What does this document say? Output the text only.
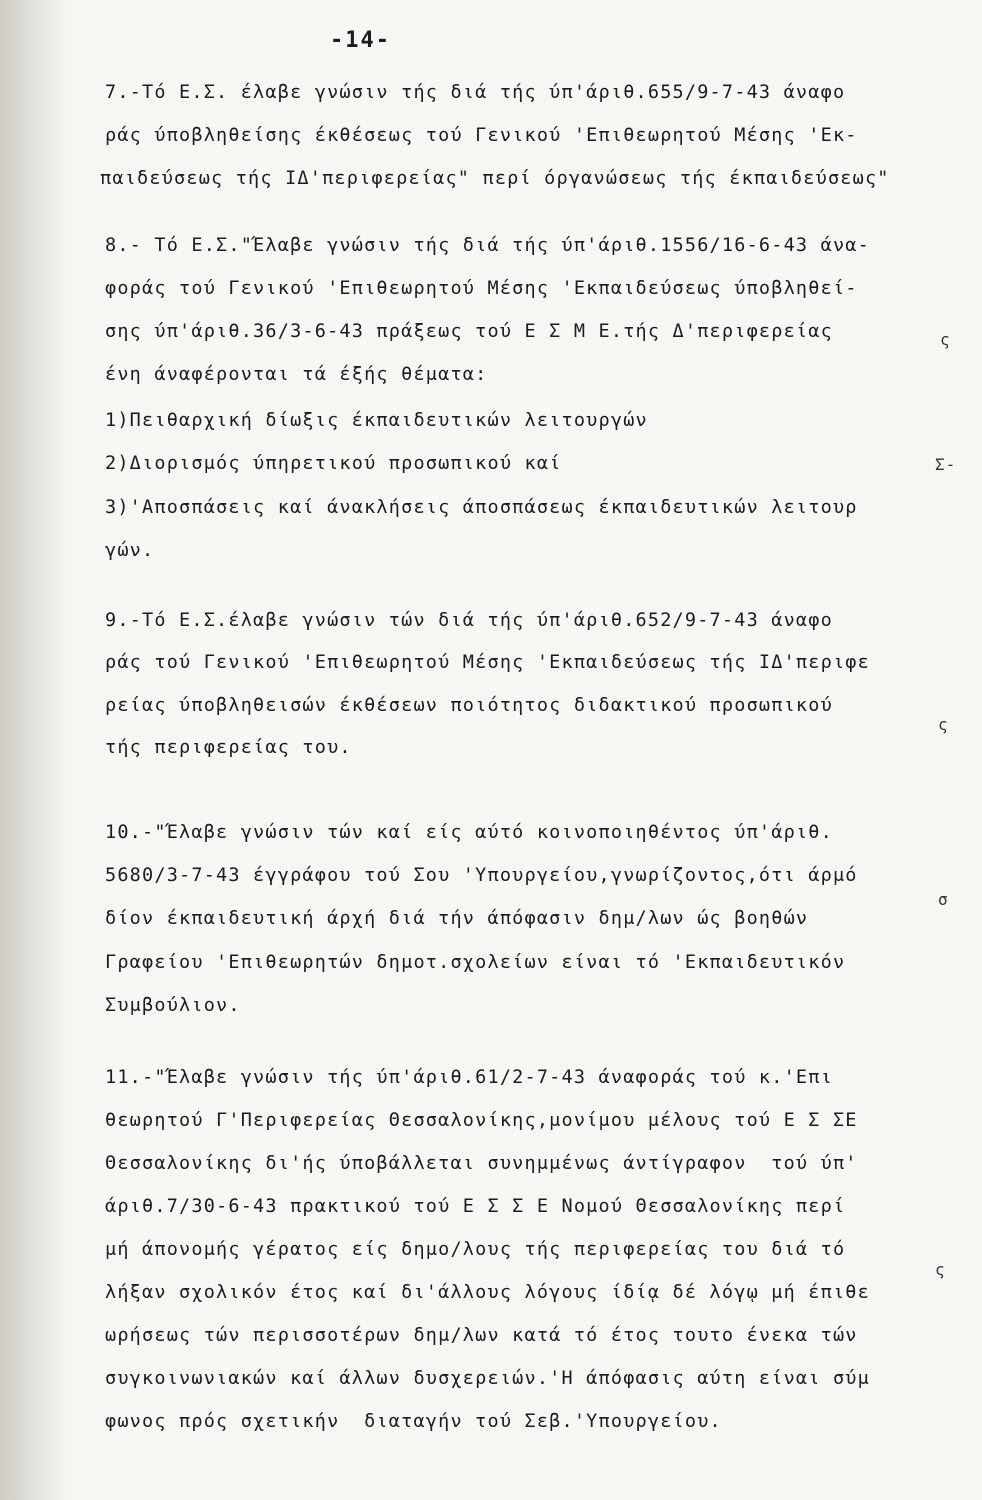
-14-
7.-Τό Ε.Σ. έλαβε γνώσιν τής διά τής ύπ'άριθ.655/9-7-43 άναφο
ράς ύποβληθείσης έκθέσεως τού Γενικού 'Επιθεωρητού Μέσης 'Εκ-
παιδεύσεως τής ΙΔ'περιφερείας" περί όργανώσεως τής έκπαιδεύσεως"
8.- Τό Ε.Σ."Έλαβε γνώσιν τής διά τής ύπ'άριθ.1556/16-6-43 άνα-
φοράς τού Γενικού 'Επιθεωρητού Μέσης 'Εκπαιδεύσεως ύποβληθεί-
σης ύπ'άριθ.36/3-6-43 πράξεως τού Ε Σ Μ Ε.τής Δ'περιφερείας
ένη άναφέρονται τά έξής θέματα:
1)Πειθαρχική δίωξις έκπαιδευτικών λειτουργών
2)Διορισμός ύπηρετικού προσωπικού καί
3)'Αποσπάσεις καί άνακλήσεις άποσπάσεως έκπαιδευτικών λειτουρ
γών.
9.-Τό Ε.Σ.έλαβε γνώσιν τών διά τής ύπ'άριθ.652/9-7-43 άναφο
ράς τού Γενικού 'Επιθεωρητού Μέσης 'Εκπαιδεύσεως τής ΙΔ'περιφε
ρείας ύποβληθεισών έκθέσεων ποιότητος διδακτικού προσωπικού
τής περιφερείας του.
10.-"Έλαβε γνώσιν τών καί είς αύτό κοινοποιηθέντος ύπ'άριθ.
5680/3-7-43 έγγράφου τού Σου 'Υπουργείου,γνωρίζοντος,ότι άρμό
δίον έκπαιδευτική άρχή διά τήν άπόφασιν δημ/λων ώς βοηθών
Γραφείου 'Επιθεωρητών δημοτ.σχολείων είναι τό 'Εκπαιδευτικόν
Συμβούλιον.
11.-"Έλαβε γνώσιν τής ύπ'άριθ.61/2-7-43 άναφοράς τού κ.'Επι
θεωρητού Γ'Περιφερείας Θεσσαλονίκης,μονίμου μέλους τού Ε Σ ΣΕ
Θεσσαλονίκης δι'ής ύποβάλλεται συνημμένως άντίγραφον  τού ύπ'
άριθ.7/30-6-43 πρακτικού τού Ε Σ Σ Ε Νομού Θεσσαλονίκης περί
μή άπονομής γέρατος είς δημο/λους τής περιφερείας του διά τό
λήξαν σχολικόν έτος καί δι'άλλους λόγους ίδίᾳ δέ λόγῳ μή έπιθε
ωρήσεως τών περισσοτέρων δημ/λων κατά τό έτος τουτο ένεκα τών
συγκοινωνιακών καί άλλων δυσχερειών.'Η άπόφασις αύτη είναι σύμ
φωνος πρός σχετικήν  διαταγήν τού Σεβ.'Υπουργείου.
ς
Σ-
ς
σ
ς
